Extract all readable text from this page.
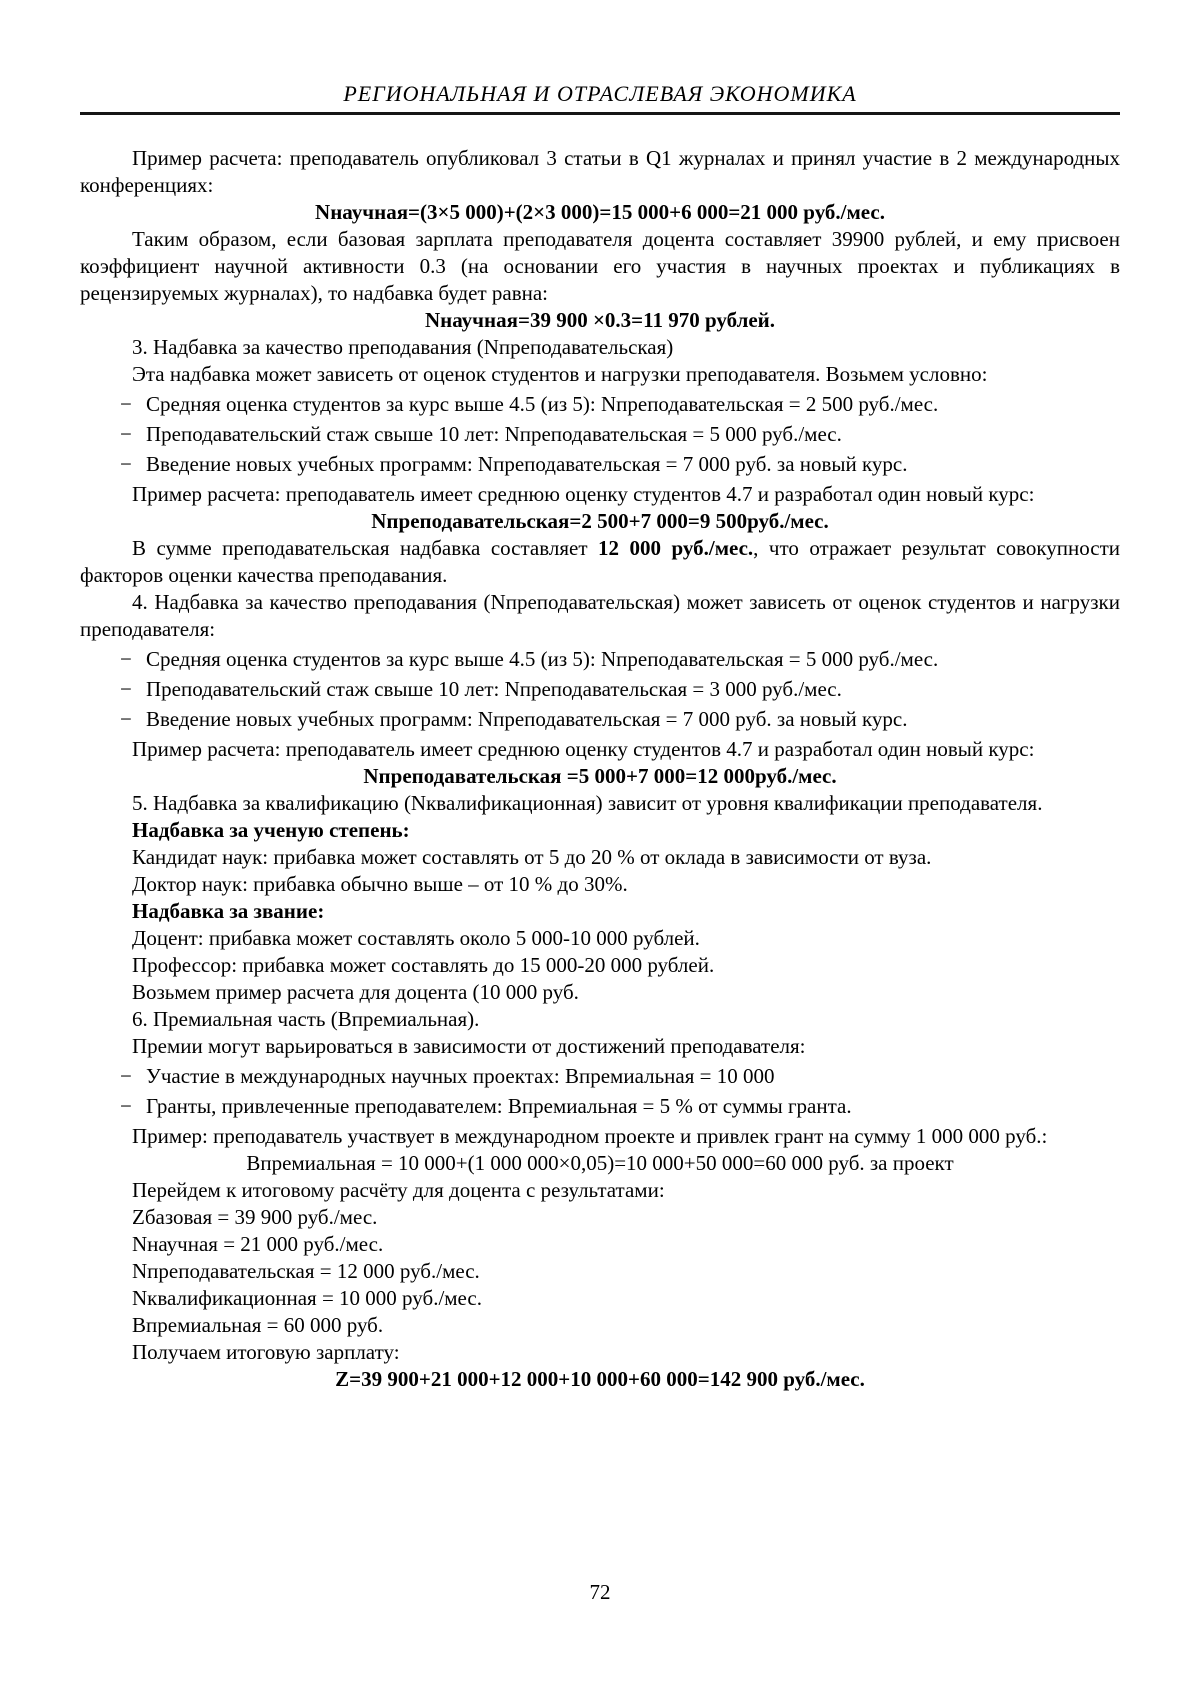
РЕГИОНАЛЬНАЯ И ОТРАСЛЕВАЯ ЭКОНОМИКА

Пример расчета: преподаватель опубликовал 3 статьи в Q1 журналах и принял участие в 2 международных конференциях:

Nнаучная=(3×5 000)+(2×3 000)=15 000+6 000=21 000 руб./мес.

Таким образом, если базовая зарплата преподавателя доцента составляет 39900 рублей, и ему присвоен коэффициент научной активности 0.3 (на основании его участия в научных проектах и публикациях в рецензируемых журналах), то надбавка будет равна:

Nнаучная=39 900 ×0.3=11 970 рублей.

3. Надбавка за качество преподавания (Nпреподавательская)

Эта надбавка может зависеть от оценок студентов и нагрузки преподавателя. Возьмем условно:

− Средняя оценка студентов за курс выше 4.5 (из 5): Nпреподавательская = 2 500 руб./мес.

− Преподавательский стаж свыше 10 лет: Nпреподавательская = 5 000 руб./мес.

− Введение новых учебных программ: Nпреподавательская = 7 000 руб. за новый курс.

Пример расчета: преподаватель имеет среднюю оценку студентов 4.7 и разработал один новый курс:

Nпреподавательская=2 500+7 000=9 500руб./мес.

В сумме преподавательская надбавка составляет 12 000 руб./мес., что отражает результат совокупности факторов оценки качества преподавания.

4. Надбавка за качество преподавания (Nпреподавательская) может зависеть от оценок студентов и нагрузки преподавателя:

− Средняя оценка студентов за курс выше 4.5 (из 5): Nпреподавательская = 5 000 руб./мес.

− Преподавательский стаж свыше 10 лет: Nпреподавательская = 3 000 руб./мес.

− Введение новых учебных программ: Nпреподавательская = 7 000 руб. за новый курс.

Пример расчета: преподаватель имеет среднюю оценку студентов 4.7 и разработал один новый курс:

Nпреподавательская =5 000+7 000=12 000руб./мес.

5. Надбавка за квалификацию (Nквалификационная) зависит от уровня квалификации преподавателя.

Надбавка за ученую степень:

Кандидат наук: прибавка может составлять от 5 до 20 % от оклада в зависимости от вуза.

Доктор наук: прибавка обычно выше – от 10 % до 30%.

Надбавка за звание:

Доцент: прибавка может составлять около 5 000-10 000 рублей.

Профессор: прибавка может составлять до 15 000-20 000 рублей.

Возьмем пример расчета для доцента (10 000 руб.

6. Премиальная часть (Впремиальная).

Премии могут варьироваться в зависимости от достижений преподавателя:

− Участие в международных научных проектах: Впремиальная = 10 000

− Гранты, привлеченные преподавателем: Впремиальная = 5 % от суммы гранта.

Пример: преподаватель участвует в международном проекте и привлек грант на сумму 1 000 000 руб.:

Впремиальная = 10 000+(1 000 000×0,05)=10 000+50 000=60 000 руб. за проект

Перейдем к итоговому расчёту для доцента с результатами:

Zбазовая = 39 900 руб./мес.

Nнаучная = 21 000 руб./мес.

Nпреподавательская = 12 000 руб./мес.

Nквалификационная = 10 000 руб./мес.

Впремиальная = 60 000 руб.

Получаем итоговую зарплату:

Z=39 900+21 000+12 000+10 000+60 000=142 900 руб./мес.

72
